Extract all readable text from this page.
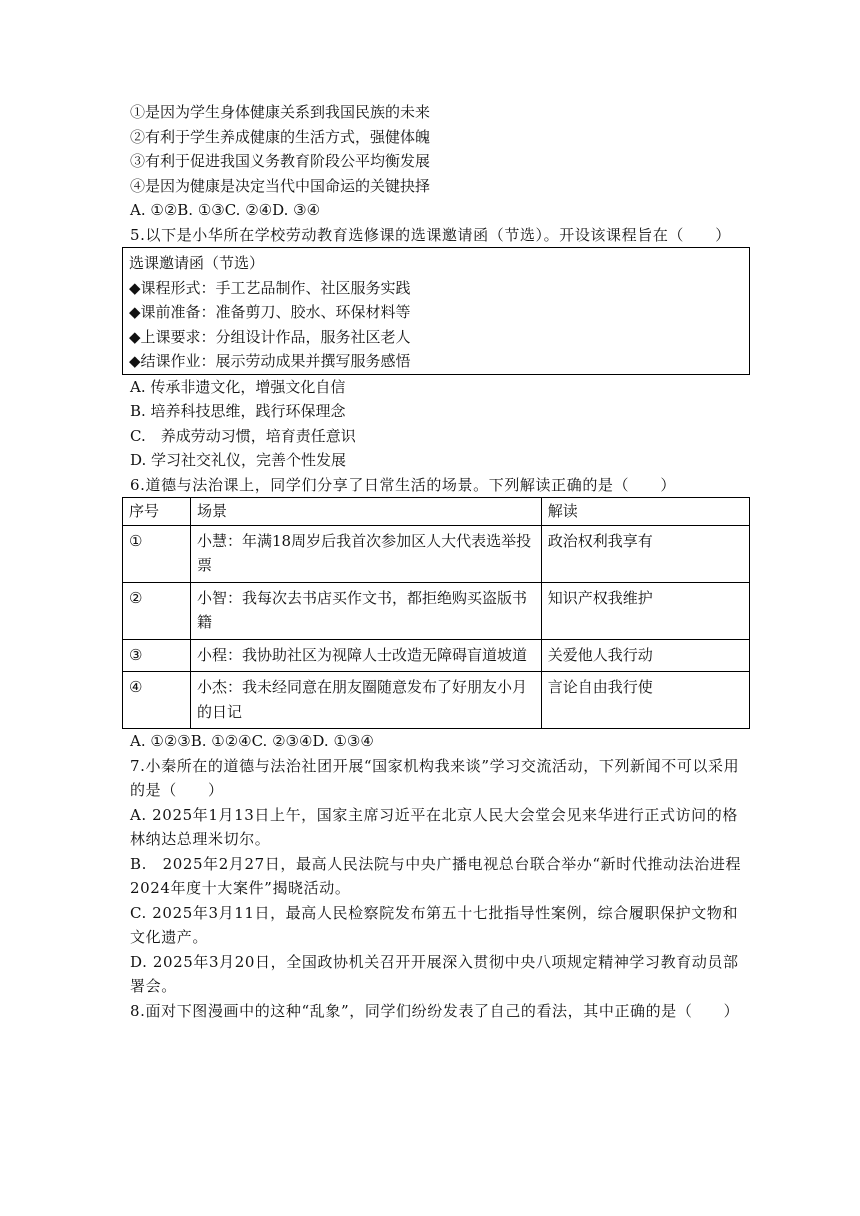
①是因为学生身体健康关系到我国民族的未来
②有利于学生养成健康的生活方式，强健体魄
③有利于促进我国义务教育阶段公平均衡发展
④是因为健康是决定当代中国命运的关键抉择
A. ①②B. ①③C. ②④D. ③④
5.以下是小华所在学校劳动教育选修课的选课邀请函（节选）。开设该课程旨在（　　）
选课邀请函（节选）
◆课程形式：手工艺品制作、社区服务实践
◆课前准备：准备剪刀、胶水、环保材料等
◆上课要求：分组设计作品，服务社区老人
◆结课作业：展示劳动成果并撰写服务感悟
A. 传承非遗文化，增强文化自信
B. 培养科技思维，践行环保理念
C.　养成劳动习惯，培育责任意识
D. 学习社交礼仪，完善个性发展
6.道德与法治课上，同学们分享了日常生活的场景。下列解读正确的是（　　）
序号	场景	解读
①	小慧：年满18周岁后我首次参加区人大代表选举投票	政治权利我享有
②	小智：我每次去书店买作文书，都拒绝购买盗版书籍	知识产权我维护
③	小程：我协助社区为视障人士改造无障碍盲道坡道	关爱他人我行动
④	小杰：我未经同意在朋友圈随意发布了好朋友小月的日记	言论自由我行使
A. ①②③B. ①②④C. ②③④D. ①③④
7.小秦所在的道德与法治社团开展“国家机构我来谈”学习交流活动，下列新闻不可以采用的是（　　）
A. 2025年1月13日上午，国家主席习近平在北京人民大会堂会见来华进行正式访问的格林纳达总理米切尔。
B.　2025年2月27日，最高人民法院与中央广播电视总台联合举办“新时代推动法治进程2024年度十大案件”揭晓活动。
C. 2025年3月11日，最高人民检察院发布第五十七批指导性案例，综合履职保护文物和文化遗产。
D. 2025年3月20日，全国政协机关召开开展深入贯彻中央八项规定精神学习教育动员部署会。
8.面对下图漫画中的这种“乱象”，同学们纷纷发表了自己的看法，其中正确的是（　　）
